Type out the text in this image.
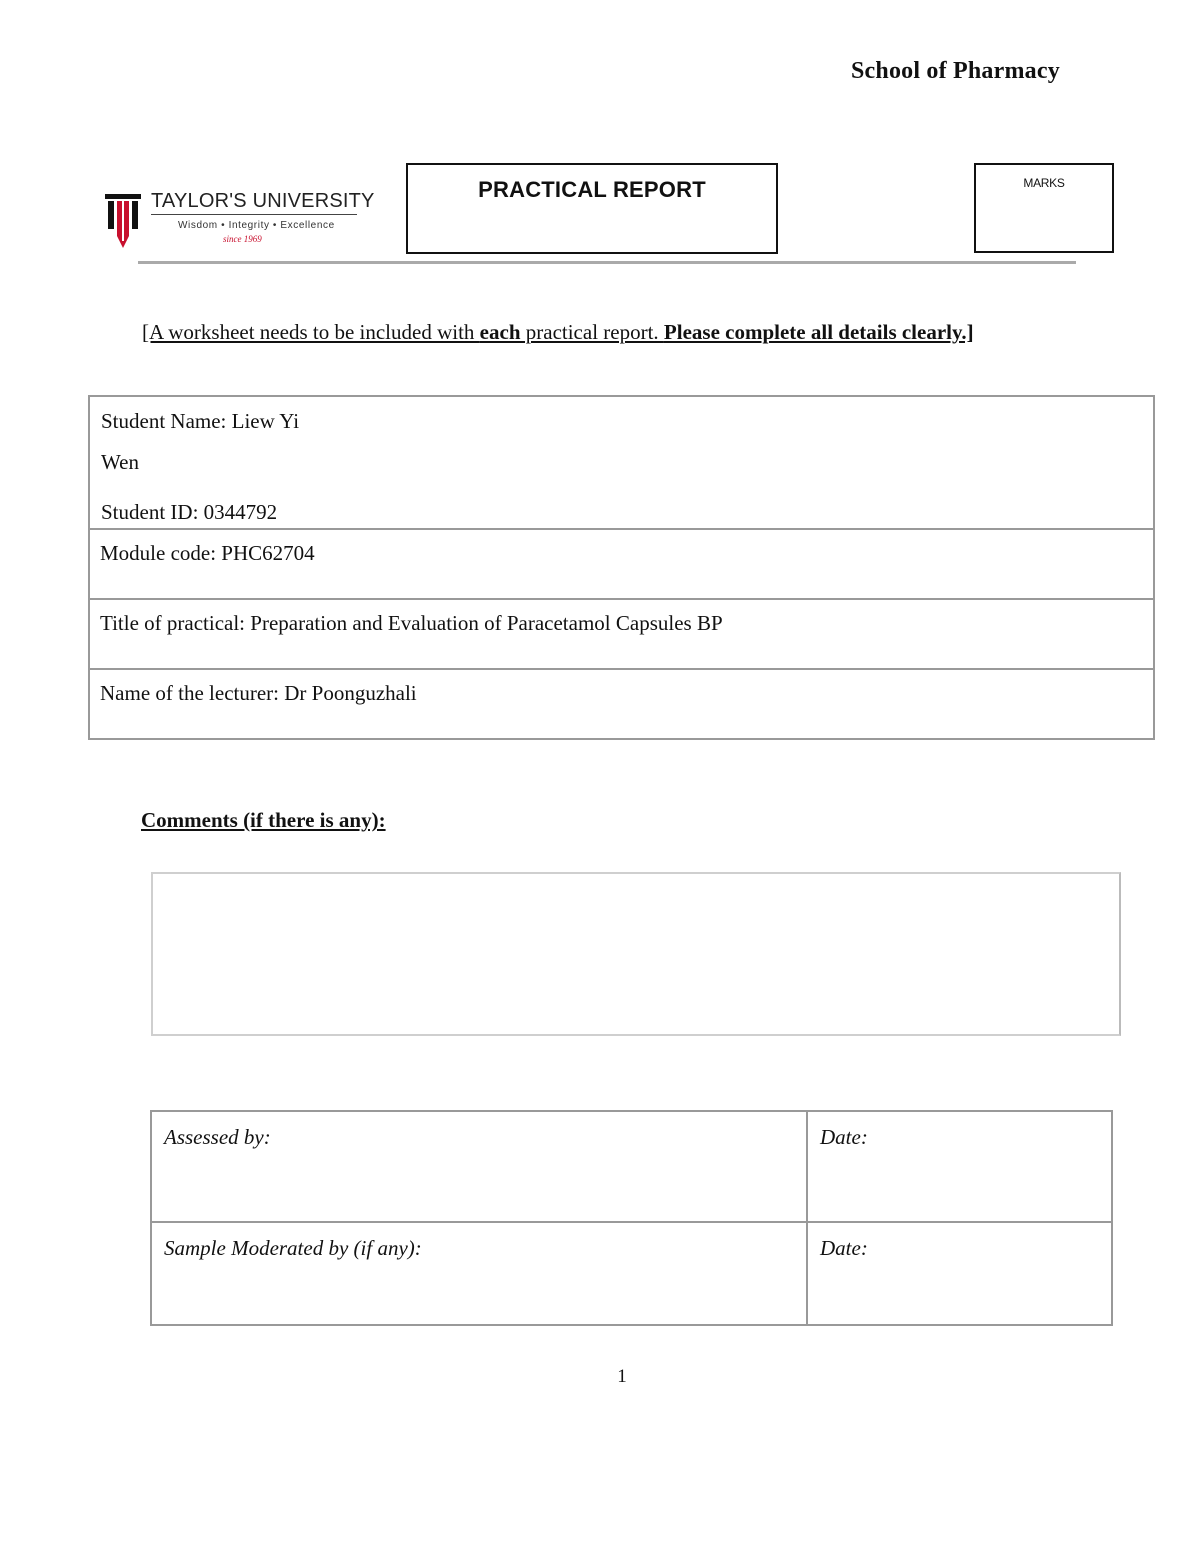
School of Pharmacy
TAYLOR'S UNIVERSITY
Wisdom • Integrity • Excellence
since 1969
PRACTICAL REPORT	MARKS
[A worksheet needs to be included with each practical report. Please complete all details clearly.]
Student Name: Liew Yi
Wen
Student ID: 0344792

Module code: PHC62704

Title of practical: Preparation and Evaluation of Paracetamol Capsules BP

Name of the lecturer: Dr Poonguzhali
Comments (if there is any):
Assessed by:	Date:
Sample Moderated by (if any):	Date:
1
